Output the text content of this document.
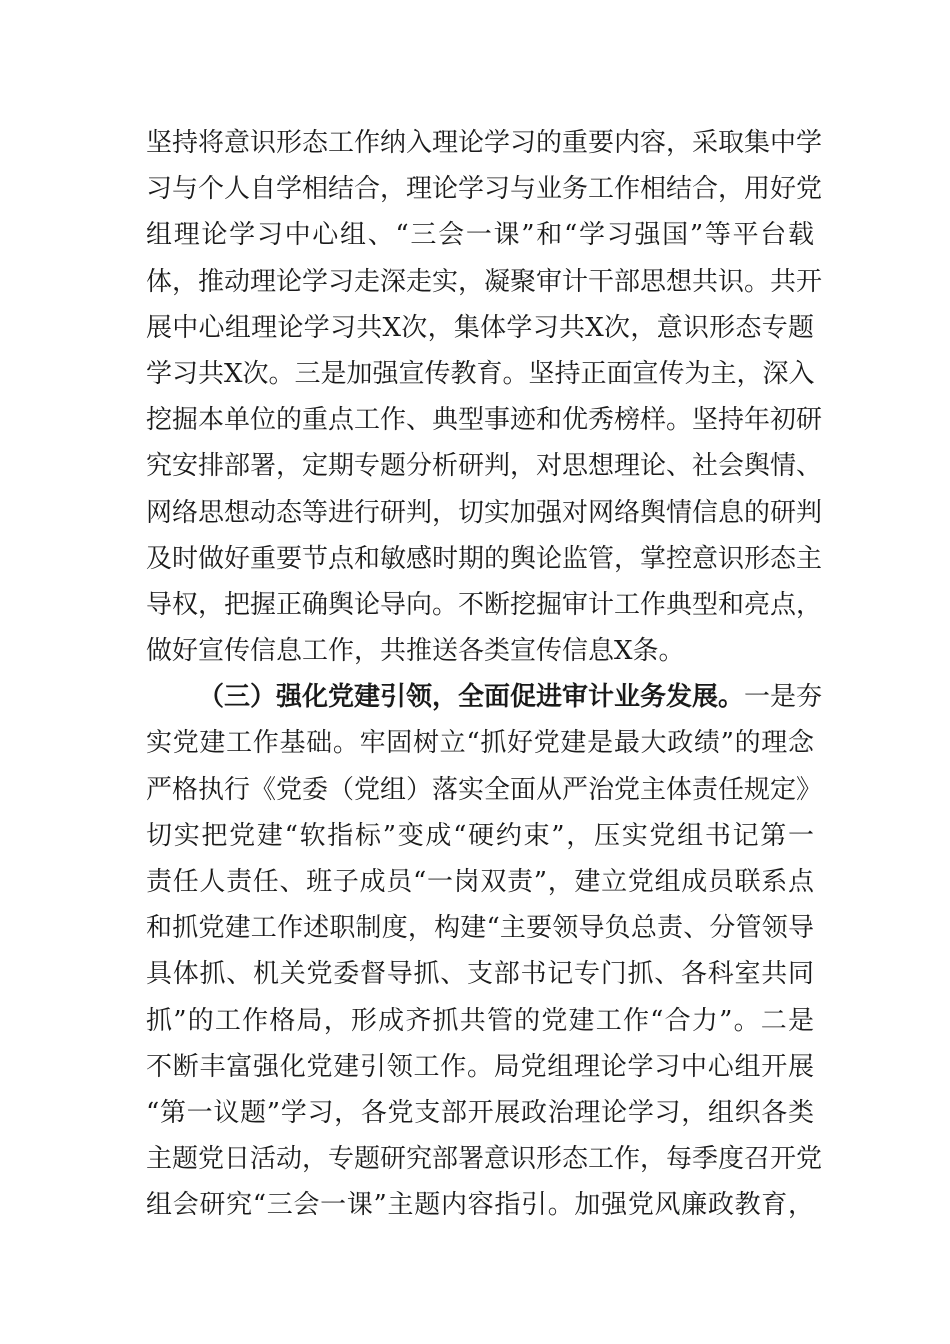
坚持将意识形态工作纳入理论学习的重要内容，采取集中学
习与个人自学相结合，理论学习与业务工作相结合，用好党
组理论学习中心组、“三会一课”和“学习强国”等平台载
体，推动理论学习走深走实，凝聚审计干部思想共识。共开
展中心组理论学习共X次，集体学习共X次，意识形态专题
学习共X次。三是加强宣传教育。坚持正面宣传为主，深入
挖掘本单位的重点工作、典型事迹和优秀榜样。坚持年初研
究安排部署，定期专题分析研判，对思想理论、社会舆情、
网络思想动态等进行研判，切实加强对网络舆情信息的研判
及时做好重要节点和敏感时期的舆论监管，掌控意识形态主
导权，把握正确舆论导向。不断挖掘审计工作典型和亮点，
做好宣传信息工作，共推送各类宣传信息X条。
（三）强化党建引领，全面促进审计业务发展。一是夯
实党建工作基础。牢固树立“抓好党建是最大政绩”的理念
严格执行《党委（党组）落实全面从严治党主体责任规定》
切实把党建“软指标”变成“硬约束”，压实党组书记第一
责任人责任、班子成员“一岗双责”，建立党组成员联系点
和抓党建工作述职制度，构建“主要领导负总责、分管领导
具体抓、机关党委督导抓、支部书记专门抓、各科室共同
抓”的工作格局，形成齐抓共管的党建工作“合力”。二是
不断丰富强化党建引领工作。局党组理论学习中心组开展
“第一议题”学习，各党支部开展政治理论学习，组织各类
主题党日活动，专题研究部署意识形态工作，每季度召开党
组会研究“三会一课”主题内容指引。加强党风廉政教育，
